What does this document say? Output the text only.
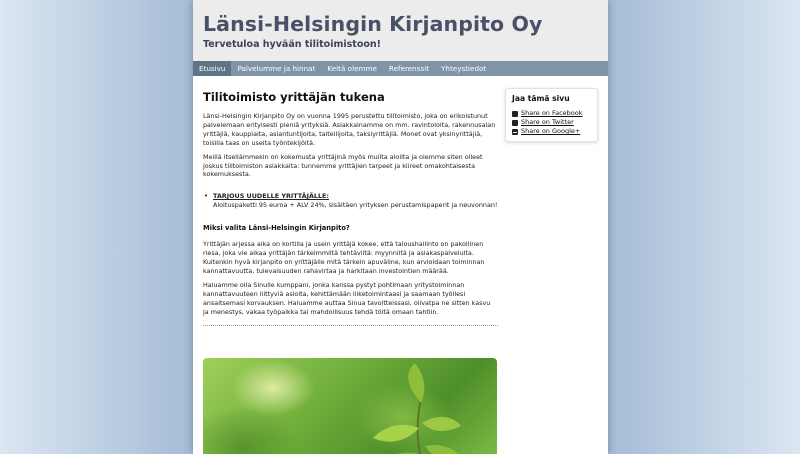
Länsi-Helsingin Kirjanpito Oy
Tervetuloa hyvään tilitoimistoon!
Etusivu	Palvelumme ja hinnat	Keitä olemme	Referenssit	Yhteystiedot
Tilitoimisto yrittäjän tukena

Länsi-Helsingin Kirjanpito Oy on vuonna 1995 perustettu tilitoimisto, joka on erikoistunut palvelemaan erityisesti pieniä yrityksiä. Asiakkainamme on mm. ravintoloita, rakennusalan yrittäjiä, kauppiaita, asiantuntijoita, taiteilijoita, taksiyrittäjiä. Monet ovat yksinyrittäjiä, toisilla taas on useita työntekijöitä.

Meillä itsellämmekin on kokemusta yrittäjinä myös muilta aloilta ja olemme siten olleet joskus tilitoimiston asiakkaita: tunnemme yrittäjien tarpeet ja kiireet omakohtaisesta kokemuksesta.

• TARJOUS UUDELLE YRITTÄJÄLLE:
Aloituspaketti 95 euroa + ALV 24%, sisältäen yrityksen perustamispaperit ja neuvonnan!
Miksi valita Länsi-Helsingin Kirjanpito?

Yrittäjän arjessa aika on kortilla ja usein yrittäjä kokee, että taloushallinto on pakollinen riesa, joka vie aikaa yrittäjän tärkeimmiltä tehtäviltä: myynniltä ja asiakaspalvelulta. Kuitenkin hyvä kirjanpito on yrittäjälle mitä tärkein apuväline, kun arvioidaan toiminnan kannattavuutta, tulevaisuuden rahavirtaa ja harkitaan investointien määrää.

Haluamme olla Sinulle kumppani, jonka kanssa pystyt pohtimaan yritystoiminnan kannattavuuteen liittyviä asioita, kehittämään liiketoimintaasi ja saamaan työllesi ansaitsemasi korvauksen. Haluamme auttaa Sinua tavoitteissasi, olivatpa ne sitten kasvu ja menestys, vakaa työpaikka tai mahdollisuus tehdä töitä omaan tahtiin.

Jaa tämä sivu
Share on Facebook
Share on Twitter
Share on Google+
